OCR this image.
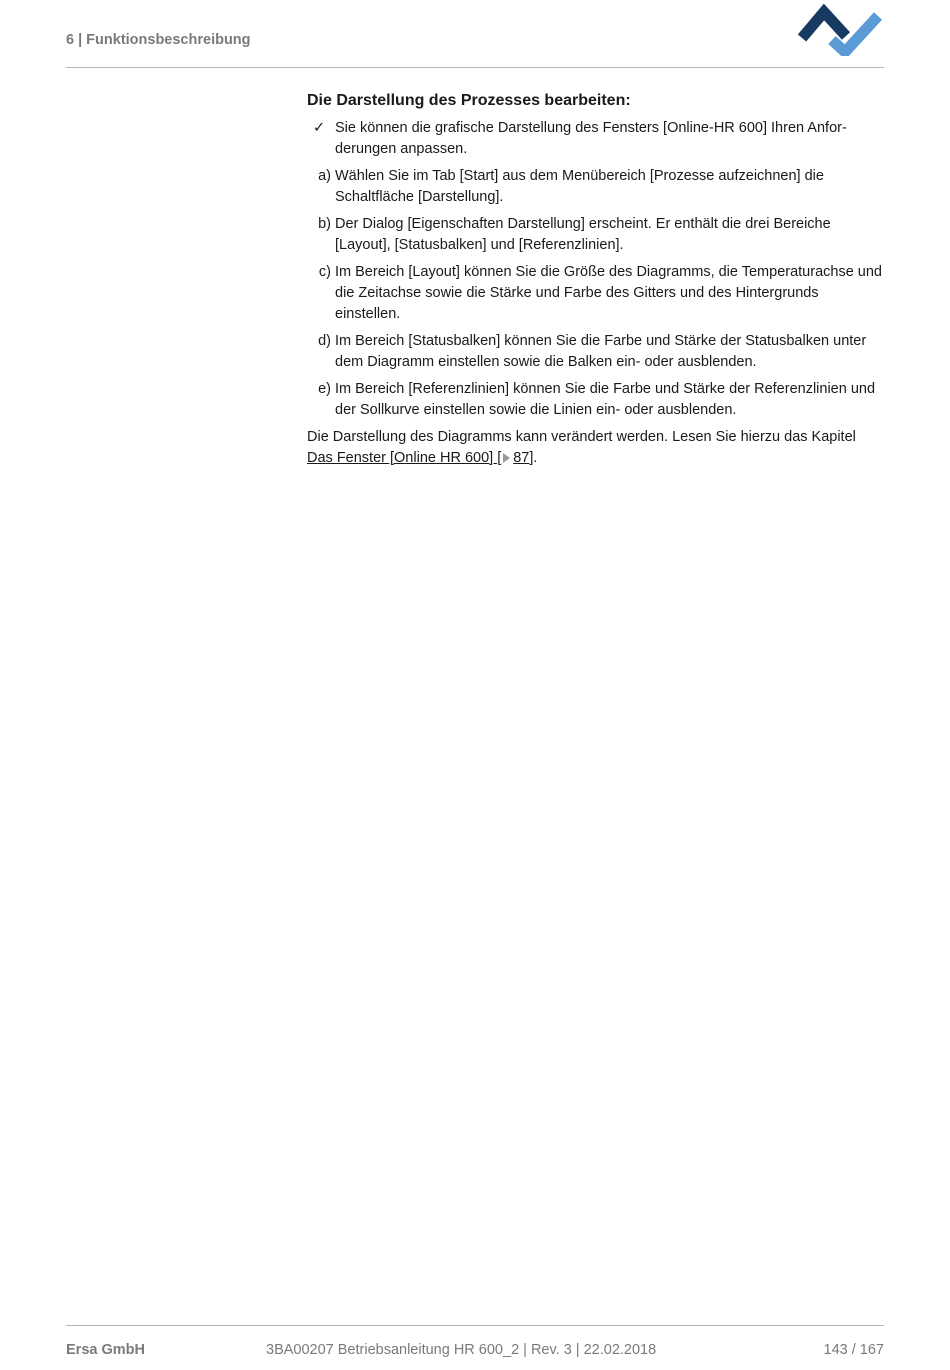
6 | Funktionsbeschreibung
Die Darstellung des Prozesses bearbeiten:
✓ Sie können die grafische Darstellung des Fensters [Online-HR 600] Ihren Anforderungen anpassen.
a) Wählen Sie im Tab [Start] aus dem Menübereich [Prozesse aufzeichnen] die Schaltfläche [Darstellung].
b) Der Dialog [Eigenschaften Darstellung] erscheint. Er enthält die drei Bereiche [Layout], [Statusbalken] und [Referenzlinien].
c) Im Bereich [Layout] können Sie die Größe des Diagramms, die Temperaturachse und die Zeitachse sowie die Stärke und Farbe des Gitters und des Hintergrunds einstellen.
d) Im Bereich [Statusbalken] können Sie die Farbe und Stärke der Statusbalken unter dem Diagramm einstellen sowie die Balken ein- oder ausblenden.
e) Im Bereich [Referenzlinien] können Sie die Farbe und Stärke der Referenzlinien und der Sollkurve einstellen sowie die Linien ein- oder ausblenden.
Die Darstellung des Diagramms kann verändert werden. Lesen Sie hierzu das Kapitel Das Fenster [Online HR 600] [ 87].
Ersa GmbH	3BA00207 Betriebsanleitung HR 600_2 | Rev. 3 | 22.02.2018	143 / 167
